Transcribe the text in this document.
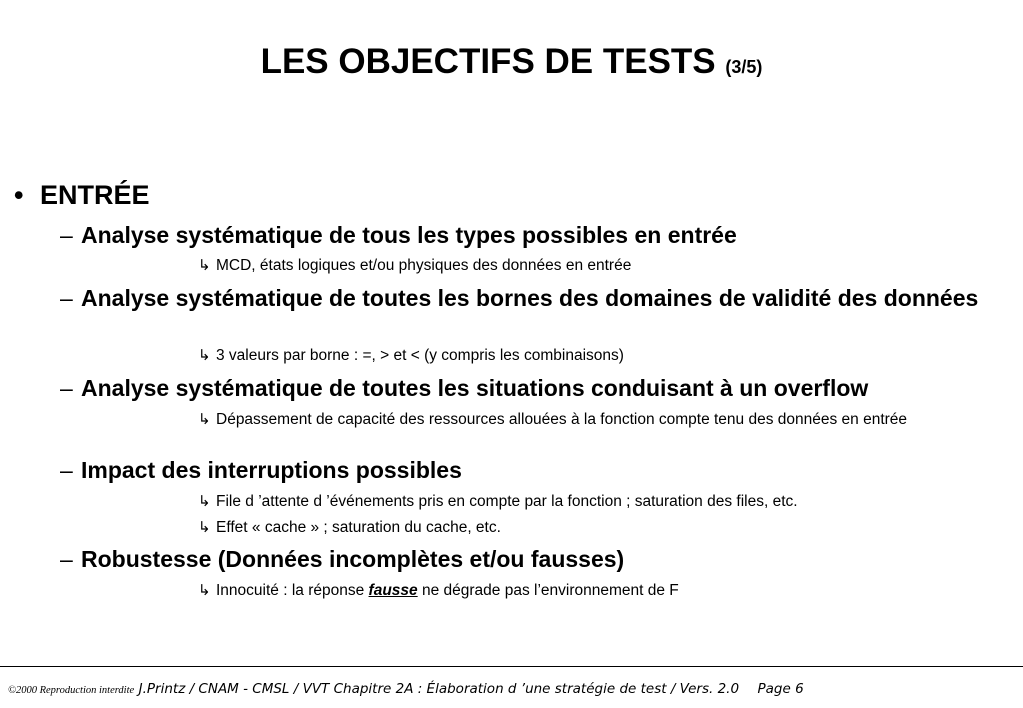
LES OBJECTIFS DE TESTS (3/5)
• ENTRÉE
– Analyse systématique de tous les types possibles en entrée
↳ MCD, états logiques et/ou physiques des données en entrée
– Analyse systématique de toutes les bornes des domaines de validité des données
↳ 3 valeurs par borne : =, > et < (y compris les combinaisons)
– Analyse systématique de toutes les situations conduisant à un overflow
↳ Dépassement de capacité des ressources allouées à la fonction compte tenu des données en entrée
– Impact des interruptions possibles
↳ File d ’attente d ’événements pris en compte par la fonction ; saturation des files, etc.
↳ Effet « cache » ; saturation du cache, etc.
– Robustesse (Données incomplètes et/ou fausses)
↳ Innocuité : la réponse fausse ne dégrade pas l’environnement de F
©2000 Reproduction interdite J.Printz / CNAM - CMSL / VVT Chapitre 2A : Élaboration d ’une stratégie de test / Vers. 2.0 Page 6
